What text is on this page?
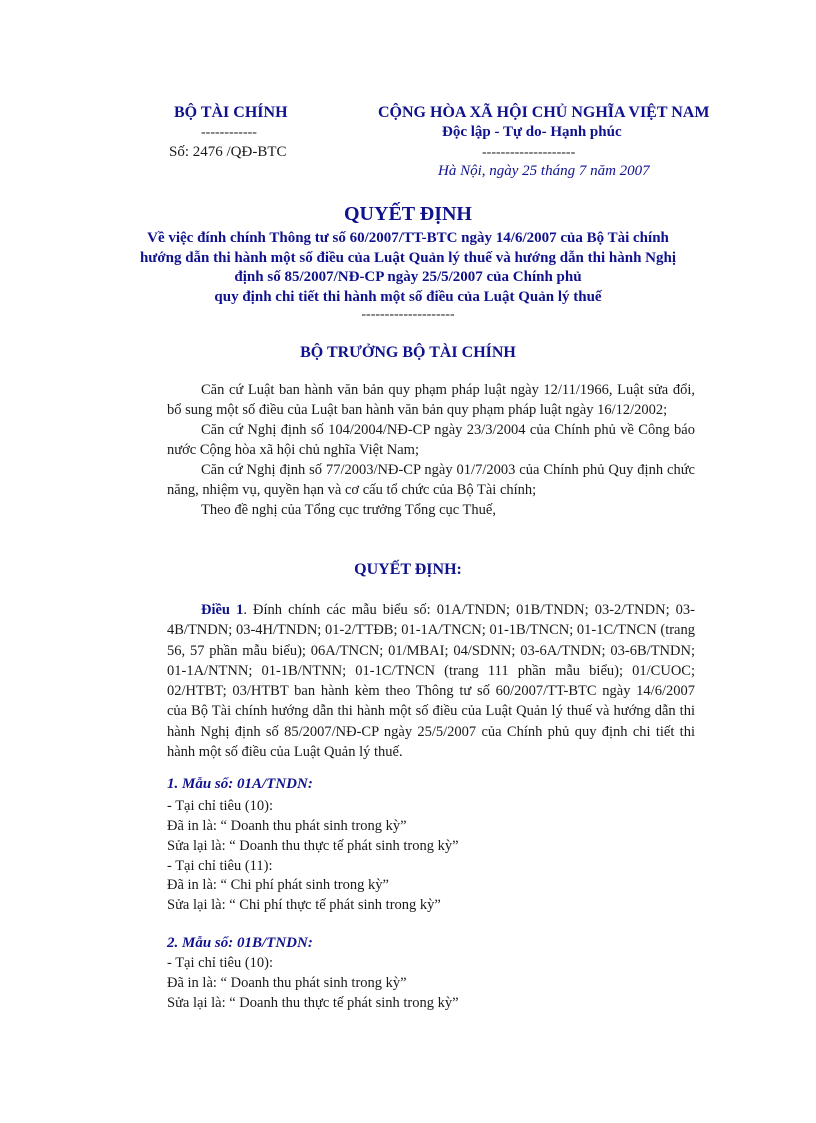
BỘ TÀI CHÍNH
------------
Số: 2476 /QĐ-BTC
CỘNG HÒA XÃ HỘI CHỦ NGHĨA VIỆT NAM
Độc lập - Tự do- Hạnh phúc
--------------------
Hà Nội, ngày 25 tháng 7 năm 2007
QUYẾT ĐỊNH
Về việc đính chính Thông tư số 60/2007/TT-BTC ngày 14/6/2007 của Bộ Tài chính
hướng dẫn thi hành một số điều của Luật Quản lý thuế và hướng dẫn thi hành Nghị
định số 85/2007/NĐ-CP ngày 25/5/2007 của Chính phủ
quy định chi tiết thi hành một số điều của Luật Quản lý thuế
--------------------
BỘ TRƯỞNG BỘ TÀI CHÍNH

Căn cứ Luật ban hành văn bản quy phạm pháp luật ngày 12/11/1966, Luật sửa đổi, bổ sung một số điều của Luật ban hành văn bản quy phạm pháp luật ngày 16/12/2002;

Căn cứ Nghị định số 104/2004/NĐ-CP ngày 23/3/2004 của Chính phủ về Công báo nước Cộng hòa xã hội chủ nghĩa Việt Nam;

Căn cứ Nghị định số 77/2003/NĐ-CP ngày 01/7/2003 của Chính phủ Quy định chức năng, nhiệm vụ, quyền hạn và cơ cấu tổ chức của Bộ Tài chính;

Theo đề nghị của Tổng cục trưởng Tổng cục Thuế,

QUYẾT ĐỊNH:

Điều 1. Đính chính các mẫu biểu số: 01A/TNDN; 01B/TNDN; 03-2/TNDN; 03-4B/TNDN; 03-4H/TNDN; 01-2/TTĐB; 01-1A/TNCN; 01-1B/TNCN; 01-1C/TNCN (trang 56, 57 phần mẫu biểu); 06A/TNCN; 01/MBAI; 04/SDNN; 03-6A/TNDN; 03-6B/TNDN; 01-1A/NTNN; 01-1B/NTNN; 01-1C/TNCN (trang 111 phần mẫu biểu); 01/CUOC; 02/HTBT; 03/HTBT ban hành kèm theo Thông tư số 60/2007/TT-BTC ngày 14/6/2007 của Bộ Tài chính hướng dẫn thi hành một số điều của Luật Quản lý thuế và hướng dẫn thi hành Nghị định số 85/2007/NĐ-CP ngày 25/5/2007 của Chính phủ quy định chi tiết thi hành một số điều của Luật Quản lý thuế.

1. Mẫu số: 01A/TNDN:
- Tại chỉ tiêu (10):
Đã in là: “ Doanh thu phát sinh trong kỳ”
Sửa lại là: “ Doanh thu thực tế phát sinh trong kỳ”
- Tại chỉ tiêu (11):
Đã in là: “ Chi phí phát sinh trong kỳ”
Sửa lại là: “ Chi phí thực tế phát sinh trong kỳ”
2. Mẫu số: 01B/TNDN:
- Tại chỉ tiêu (10):
Đã in là: “ Doanh thu phát sinh trong kỳ”
Sửa lại là: “ Doanh thu thực tế phát sinh trong kỳ”
